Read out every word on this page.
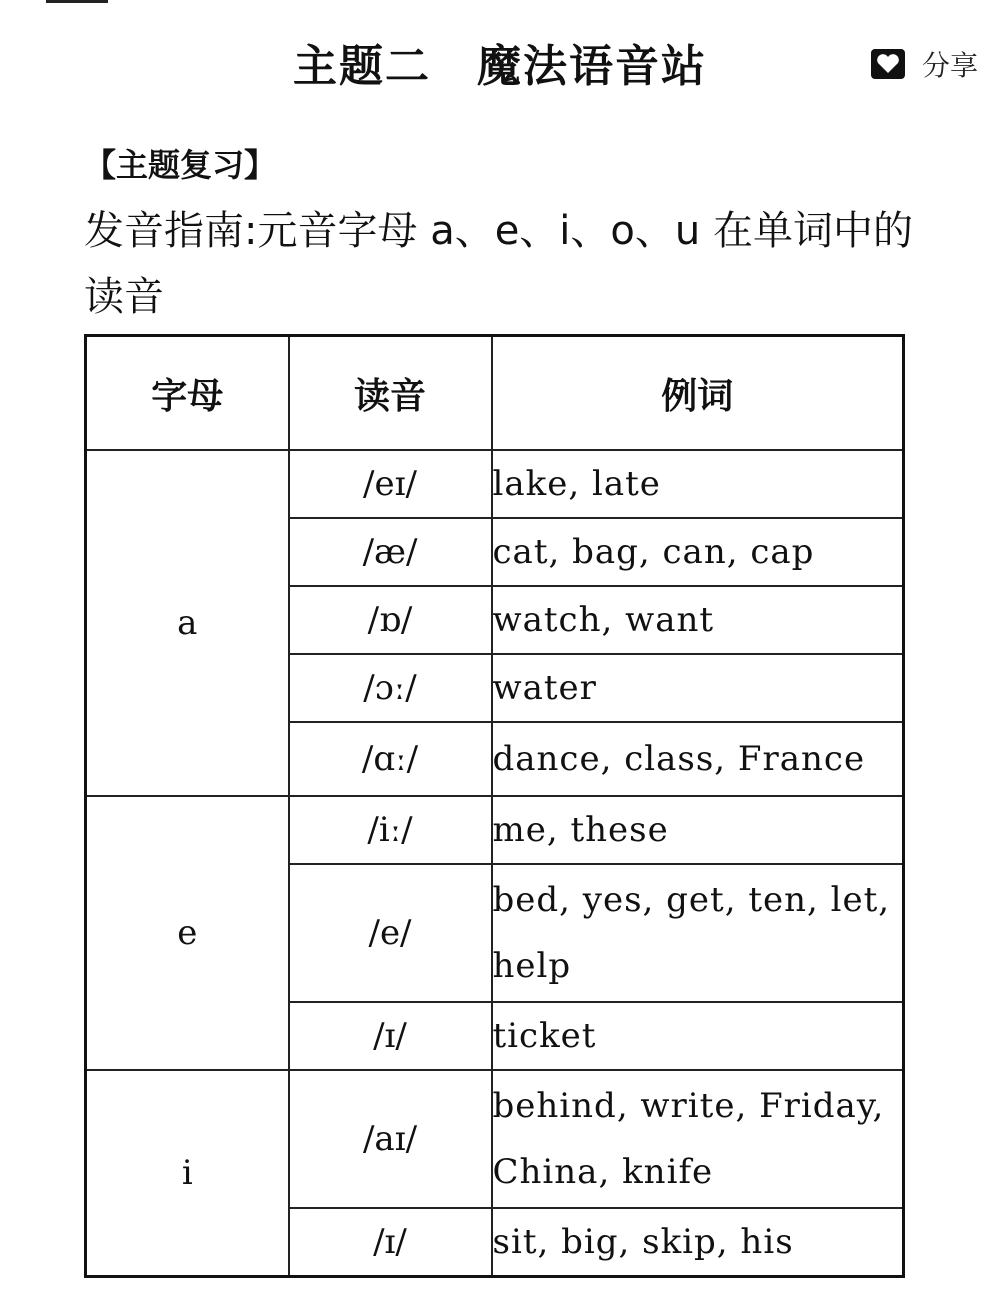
主题二　魔法语音站	分享
【主题复习】
发音指南:元音字母 a、e、i、o、u 在单词中的读音
字母	读音	例词
a	/eɪ/	lake, late
	/æ/	cat, bag, can, cap
	/ɒ/	watch, want
	/ɔː/	water
	/ɑː/	dance, class, France
e	/iː/	me, these
	/e/	bed, yes, get, ten, let, help
	/ɪ/	ticket
i	/aɪ/	behind, write, Friday, China, knife
	/ɪ/	sit, big, skip, his
